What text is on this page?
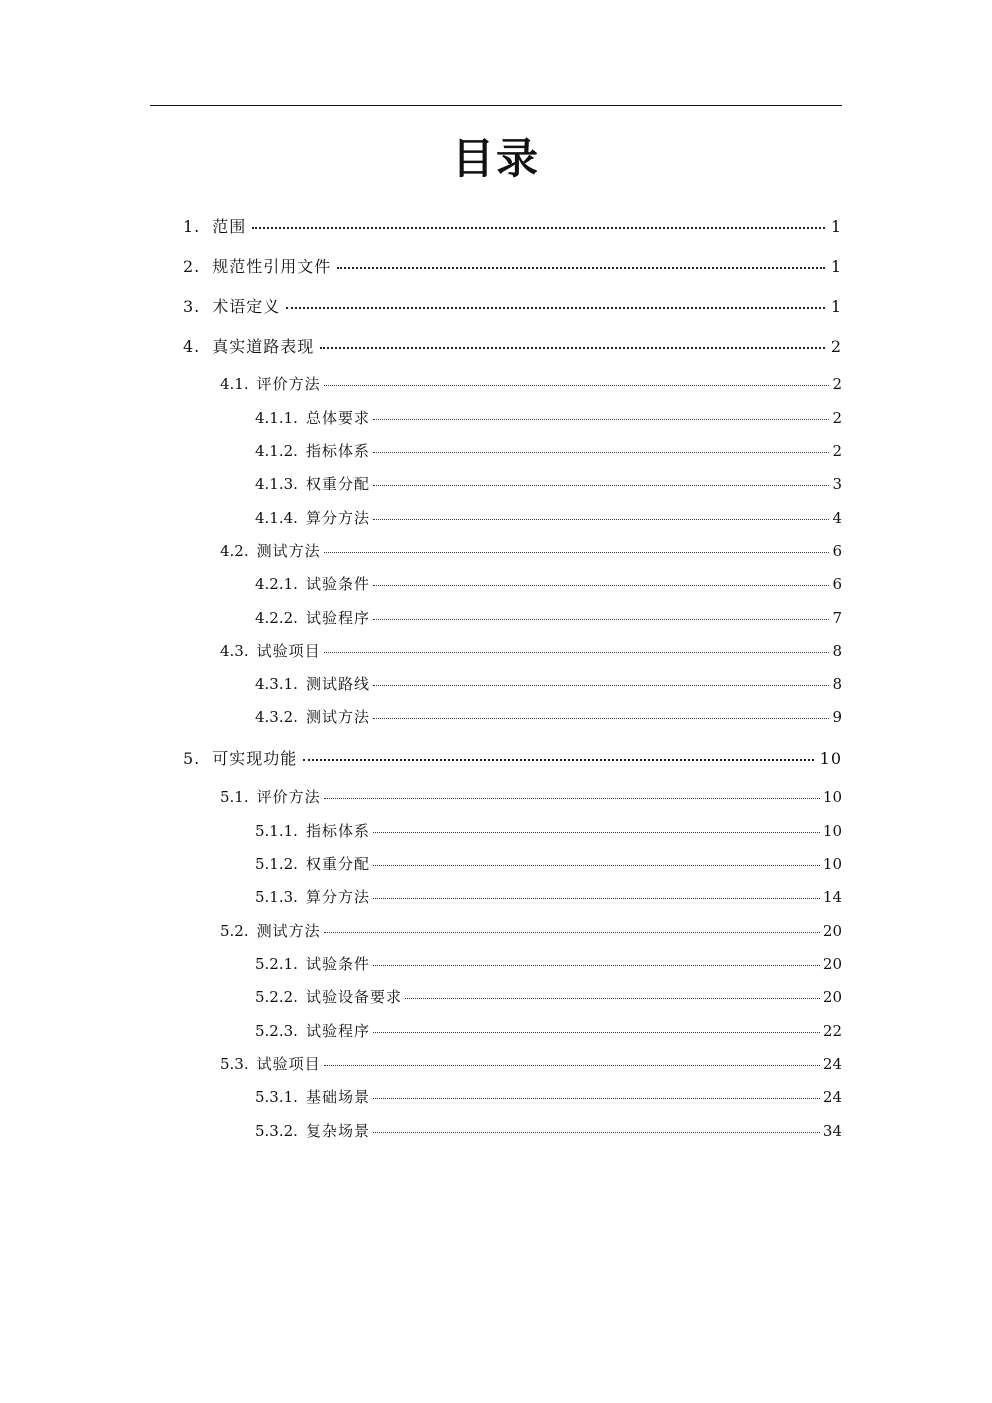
目录
1. 范围	1
2. 规范性引用文件	1
3. 术语定义	1
4. 真实道路表现	2
4.1. 评价方法	2
4.1.1. 总体要求	2
4.1.2. 指标体系	2
4.1.3. 权重分配	3
4.1.4. 算分方法	4
4.2. 测试方法	6
4.2.1. 试验条件	6
4.2.2. 试验程序	7
4.3. 试验项目	8
4.3.1. 测试路线	8
4.3.2. 测试方法	9
5. 可实现功能	10
5.1. 评价方法	10
5.1.1. 指标体系	10
5.1.2. 权重分配	10
5.1.3. 算分方法	14
5.2. 测试方法	20
5.2.1. 试验条件	20
5.2.2. 试验设备要求	20
5.2.3. 试验程序	22
5.3. 试验项目	24
5.3.1. 基础场景	24
5.3.2. 复杂场景	34
